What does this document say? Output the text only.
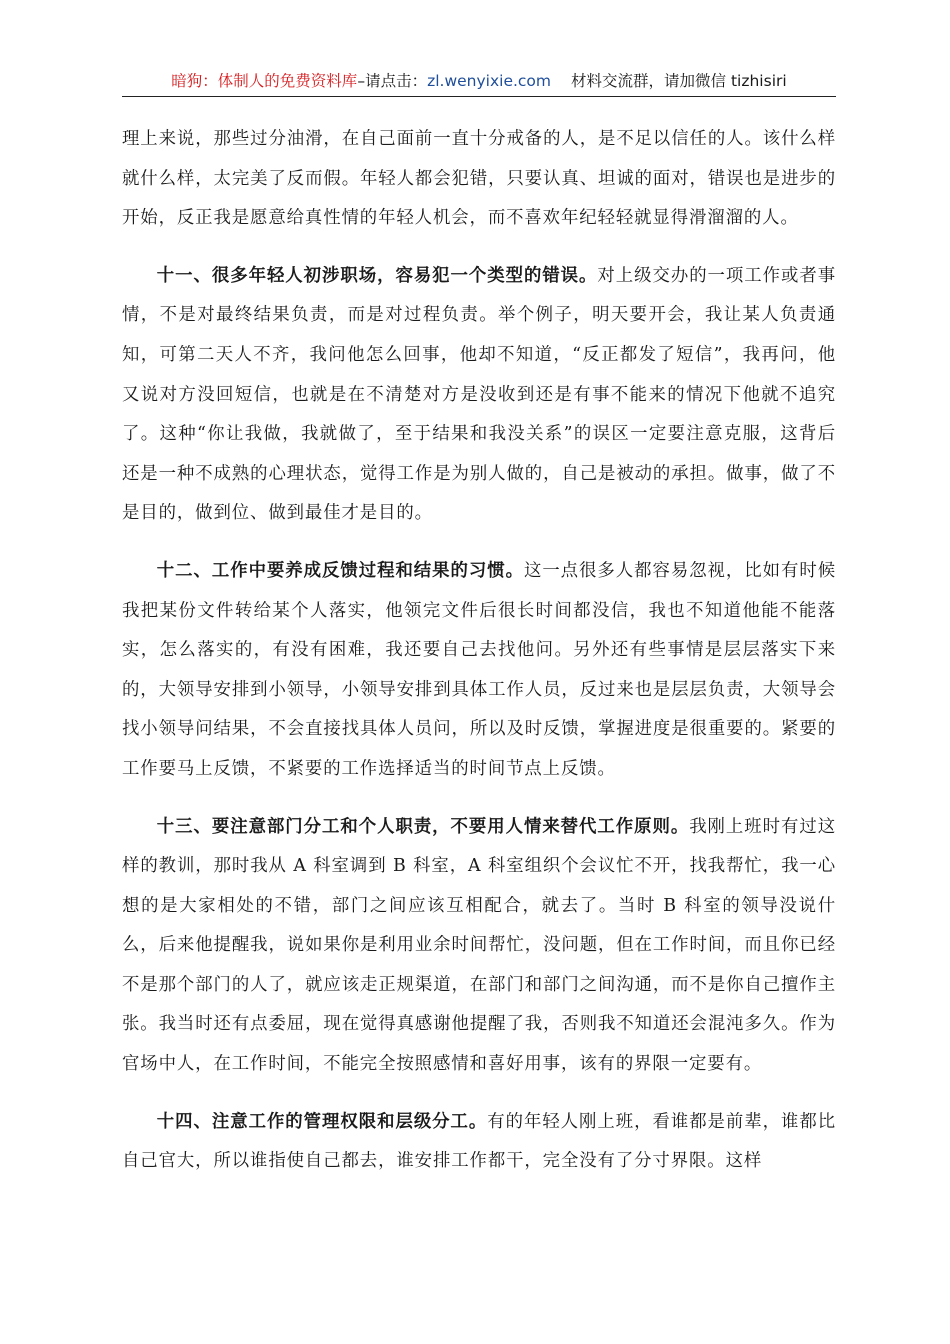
暗狗：体制人的免费资料库–请点击：zl.wenyixie.com 材料交流群，请加微信 tizhisiri

理上来说，那些过分油滑，在自己面前一直十分戒备的人，是不足以信任的人。该什么样就什么样，太完美了反而假。年轻人都会犯错，只要认真、坦诚的面对，错误也是进步的开始，反正我是愿意给真性情的年轻人机会，而不喜欢年纪轻轻就显得滑溜溜的人。

十一、很多年轻人初涉职场，容易犯一个类型的错误。对上级交办的一项工作或者事情，不是对最终结果负责，而是对过程负责。举个例子，明天要开会，我让某人负责通知，可第二天人不齐，我问他怎么回事，他却不知道，“反正都发了短信”，我再问，他又说对方没回短信，也就是在不清楚对方是没收到还是有事不能来的情况下他就不追究了。这种“你让我做，我就做了，至于结果和我没关系”的误区一定要注意克服，这背后还是一种不成熟的心理状态，觉得工作是为别人做的，自己是被动的承担。做事，做了不是目的，做到位、做到最佳才是目的。

十二、工作中要养成反馈过程和结果的习惯。这一点很多人都容易忽视，比如有时候我把某份文件转给某个人落实，他领完文件后很长时间都没信，我也不知道他能不能落实，怎么落实的，有没有困难，我还要自己去找他问。另外还有些事情是层层落实下来的，大领导安排到小领导，小领导安排到具体工作人员，反过来也是层层负责，大领导会找小领导问结果，不会直接找具体人员问，所以及时反馈，掌握进度是很重要的。紧要的工作要马上反馈，不紧要的工作选择适当的时间节点上反馈。

十三、要注意部门分工和个人职责，不要用人情来替代工作原则。我刚上班时有过这样的教训，那时我从 A 科室调到 B 科室，A 科室组织个会议忙不开，找我帮忙，我一心想的是大家相处的不错，部门之间应该互相配合，就去了。当时 B 科室的领导没说什么，后来他提醒我，说如果你是利用业余时间帮忙，没问题，但在工作时间，而且你已经不是那个部门的人了，就应该走正规渠道，在部门和部门之间沟通，而不是你自己擅作主张。我当时还有点委屈，现在觉得真感谢他提醒了我，否则我不知道还会混沌多久。作为官场中人，在工作时间，不能完全按照感情和喜好用事，该有的界限一定要有。

十四、注意工作的管理权限和层级分工。有的年轻人刚上班，看谁都是前辈，谁都比自己官大，所以谁指使自己都去，谁安排工作都干，完全没有了分寸界限。这样
